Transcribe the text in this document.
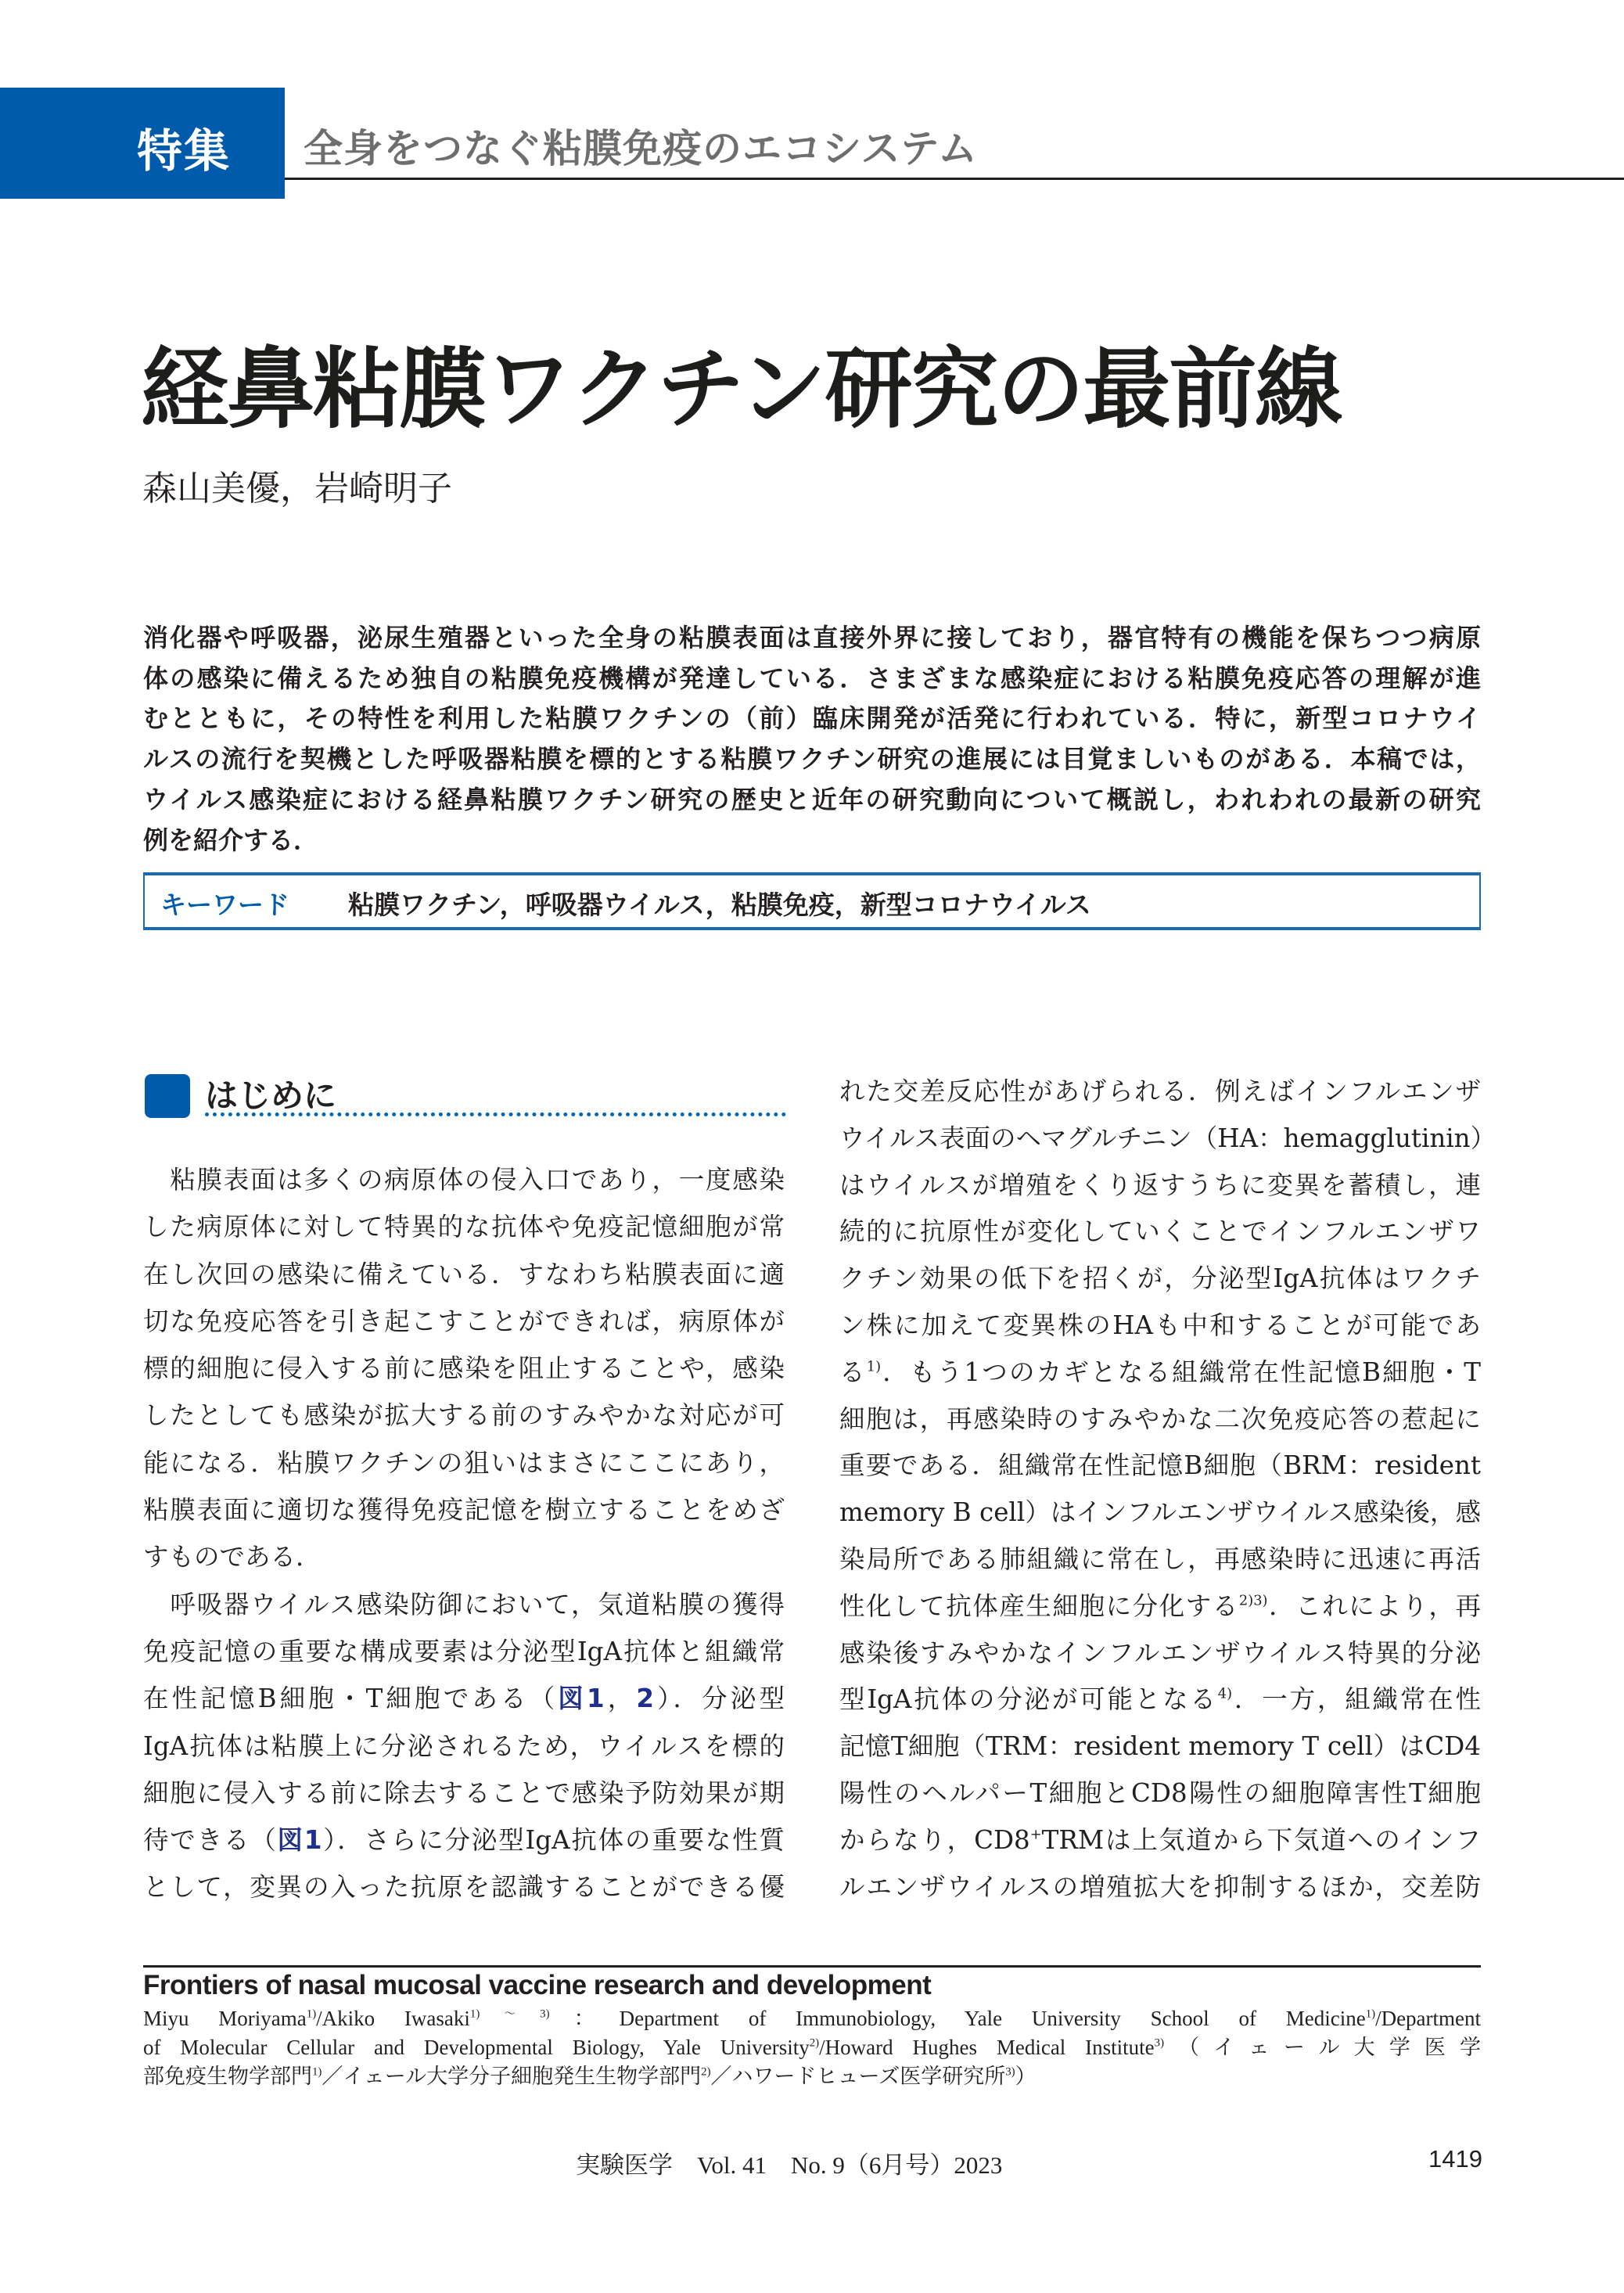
特集 全身をつなぐ粘膜免疫のエコシステム
経鼻粘膜ワクチン研究の最前線
森山美優，岩崎明子
消化器や呼吸器，泌尿生殖器といった全身の粘膜表面は直接外界に接しており，器官特有の機能を保ちつつ病原
体の感染に備えるため独自の粘膜免疫機構が発達している．さまざまな感染症における粘膜免疫応答の理解が進
むとともに，その特性を利用した粘膜ワクチンの（前）臨床開発が活発に行われている．特に，新型コロナウイ
ルスの流行を契機とした呼吸器粘膜を標的とする粘膜ワクチン研究の進展には目覚ましいものがある．本稿では，
ウイルス感染症における経鼻粘膜ワクチン研究の歴史と近年の研究動向について概説し，われわれの最新の研究
例を紹介する．
キーワード 粘膜ワクチン，呼吸器ウイルス，粘膜免疫，新型コロナウイルス
はじめに
　粘膜表面は多くの病原体の侵入口であり，一度感染
した病原体に対して特異的な抗体や免疫記憶細胞が常
在し次回の感染に備えている．すなわち粘膜表面に適
切な免疫応答を引き起こすことができれば，病原体が
標的細胞に侵入する前に感染を阻止することや，感染
したとしても感染が拡大する前のすみやかな対応が可
能になる．粘膜ワクチンの狙いはまさにここにあり，
粘膜表面に適切な獲得免疫記憶を樹立することをめざ
すものである．
　呼吸器ウイルス感染防御において，気道粘膜の獲得
免疫記憶の重要な構成要素は分泌型IgA抗体と組織常
在性記憶B細胞・T細胞である（図1，2）．分泌型
IgA抗体は粘膜上に分泌されるため，ウイルスを標的
細胞に侵入する前に除去することで感染予防効果が期
待できる（図1）．さらに分泌型IgA抗体の重要な性質
として，変異の入った抗原を認識することができる優
れた交差反応性があげられる．例えばインフルエンザ
ウイルス表面のヘマグルチニン（HA：hemagglutinin）
はウイルスが増殖をくり返すうちに変異を蓄積し，連
続的に抗原性が変化していくことでインフルエンザワ
クチン効果の低下を招くが，分泌型IgA抗体はワクチ
ン株に加えて変異株のHAも中和することが可能であ
る$^{1)}$．もう1つのカギとなる組織常在性記憶B細胞・T
細胞は，再感染時のすみやかな二次免疫応答の惹起に
重要である．組織常在性記憶B細胞（BRM：resident
memory B cell）はインフルエンザウイルス感染後，感
染局所である肺組織に常在し，再感染時に迅速に再活
性化して抗体産生細胞に分化する$^{2)3)}$．これにより，再
感染後すみやかなインフルエンザウイルス特異的分泌
型IgA抗体の分泌が可能となる$^{4)}$．一方，組織常在性
記憶T細胞（TRM：resident memory T cell）はCD4
陽性のヘルパーT細胞とCD8陽性の細胞障害性T細胞
からなり，CD8+TRMは上気道から下気道へのインフ
ルエンザウイルスの増殖拡大を抑制するほか，交差防
Frontiers of nasal mucosal vaccine research and development
Miyu Moriyama$^{1)}$/Akiko Iwasaki$^{1)\sim 3)}$：Department of Immunobiology, Yale University School of Medicine$^{1)}$/Department
of Molecular Cellular and Developmental Biology, Yale University$^{2)}$/Howard Hughes Medical Institute$^{3)}$（イェール大学医学
部免疫生物学部門$^{1)}$／イェール大学分子細胞発生生物学部門$^{2)}$／ハワードヒューズ医学研究所$^{3)}$）
実験医学　Vol. 41　No. 9（6月号）2023	1419
